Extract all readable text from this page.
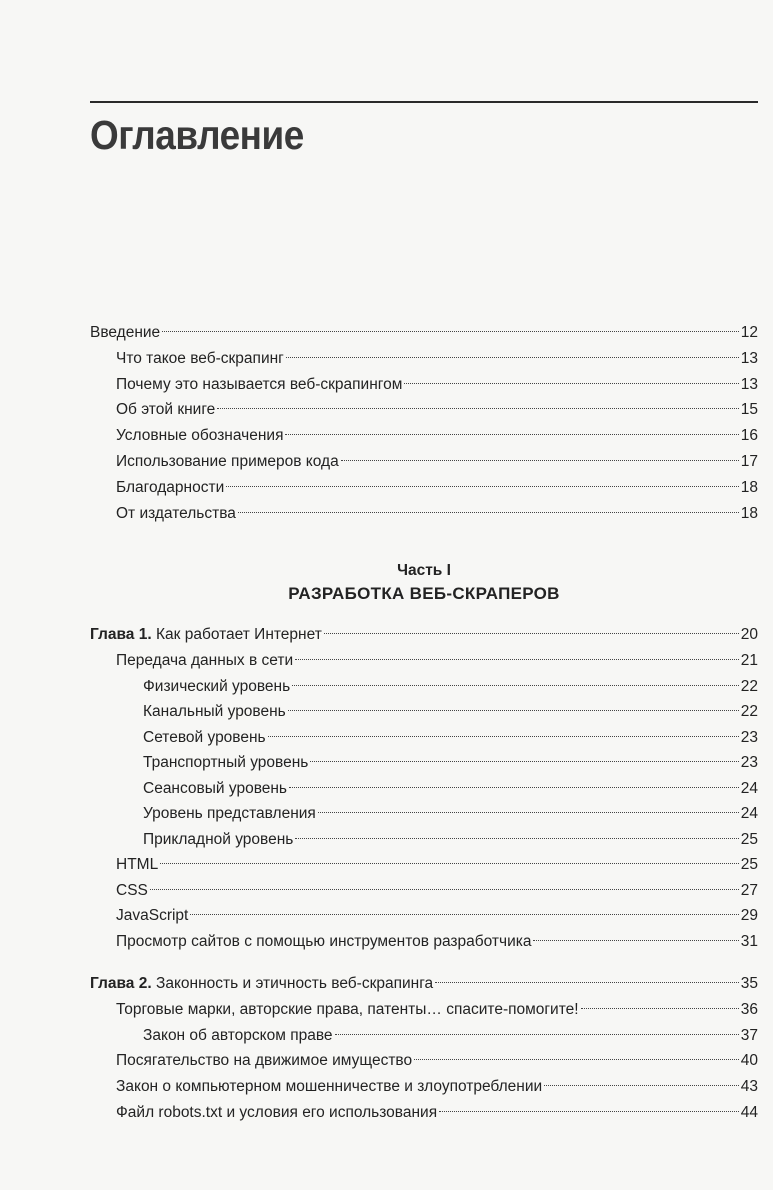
Оглавление
Введение	12
Что такое веб-скрапинг	13
Почему это называется веб-скрапингом	13
Об этой книге	15
Условные обозначения	16
Использование примеров кода	17
Благодарности	18
От издательства	18

Часть I

РАЗРАБОТКА ВЕБ-СКРАПЕРОВ

Глава 1. Как работает Интернет	20
Передача данных в сети	21
Физический уровень	22
Канальный уровень	22
Сетевой уровень	23
Транспортный уровень	23
Сеансовый уровень	24
Уровень представления	24
Прикладной уровень	25
HTML	25
CSS	27
JavaScript	29
Просмотр сайтов с помощью инструментов разработчика	31
Глава 2. Законность и этичность веб-скрапинга	35
Торговые марки, авторские права, патенты… спасите-помогите!	36
Закон об авторском праве	37
Посягательство на движимое имущество	40
Закон о компьютерном мошенничестве и злоупотреблении	43
Файл robots.txt и условия его использования	44
